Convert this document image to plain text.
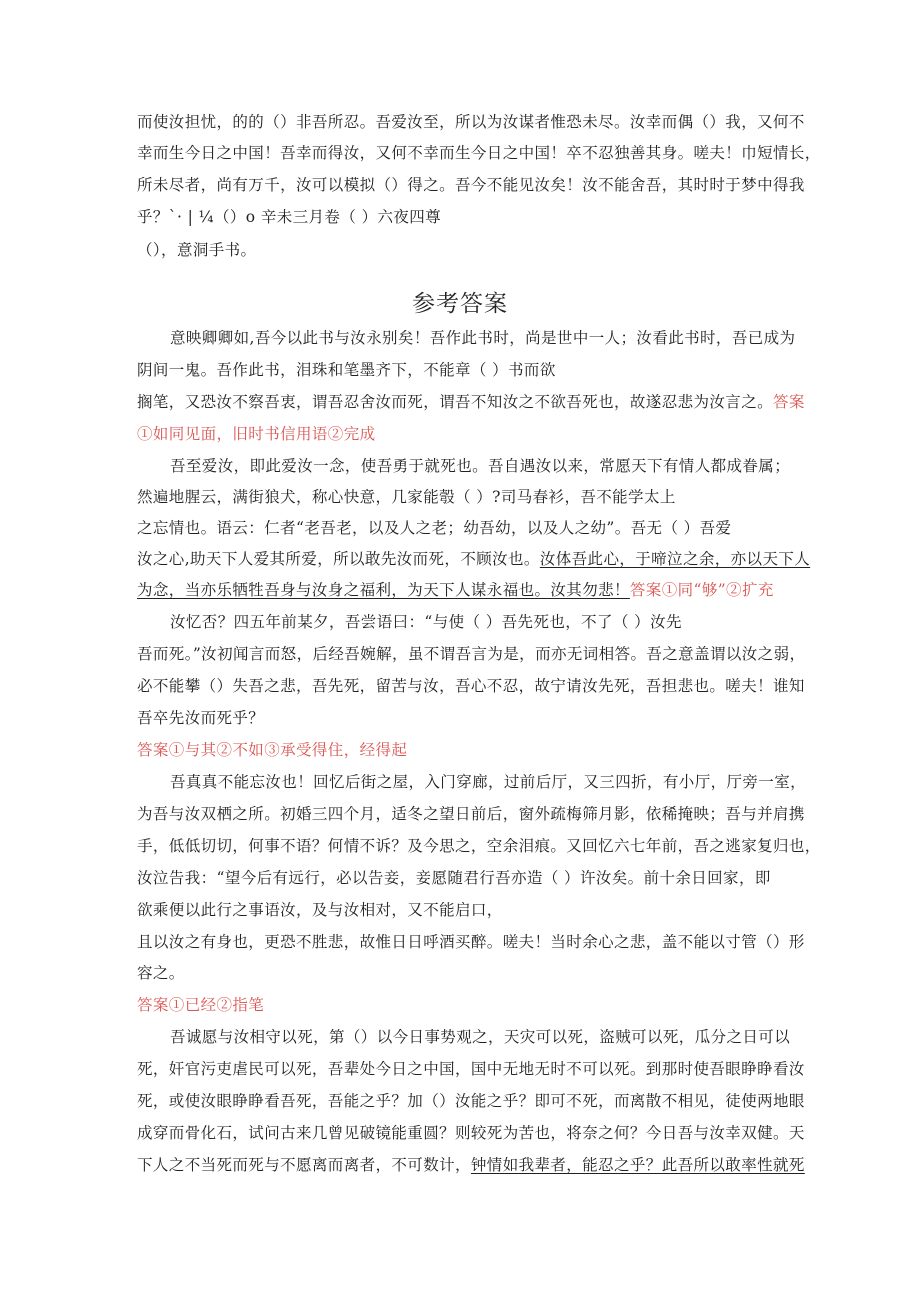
而使汝担忧，的的（）非吾所忍。吾爱汝至，所以为汝谋者惟恐未尽。汝幸而偶（）我，又何不
幸而生今日之中国！吾幸而得汝，又何不幸而生今日之中国！卒不忍独善其身。嗟夫！巾短情长，
所未尽者，尚有万千，汝可以模拟（）得之。吾今不能见汝矣！汝不能舍吾，其时时于梦中得我
乎？`· | ¼（）o 辛未三月卷（ ）六夜四尊
（），意洞手书。
参考答案
意映卿卿如,吾今以此书与汝永别矣！吾作此书时，尚是世中一人；汝看此书时，吾已成为
阴间一鬼。吾作此书，泪珠和笔墨齐下，不能章（ ）书而欲
搁笔，又恐汝不察吾衷，谓吾忍舍汝而死，谓吾不知汝之不欲吾死也，故遂忍悲为汝言之。答案
①如同见面，旧时书信用语②完成
吾至爱汝，即此爱汝一念，使吾勇于就死也。吾自遇汝以来，常愿天下有情人都成眷属；
然遍地腥云，满街狼犬，称心快意，几家能彀（ ）?司马春衫，吾不能学太上
之忘情也。语云：仁者“老吾老，以及人之老；幼吾幼，以及人之幼”。吾无（ ）吾爱
汝之心,助天下人爱其所爱，所以敢先汝而死，不顾汝也。汝体吾此心，于啼泣之余，亦以天下人
为念，当亦乐牺牲吾身与汝身之福利，为天下人谋永福也。汝其勿悲！答案①同“够”②扩充
汝忆否？四五年前某夕，吾尝语曰：“与使（ ）吾先死也，不了（ ）汝先
吾而死。”汝初闻言而怒，后经吾婉解，虽不谓吾言为是，而亦无词相答。吾之意盖谓以汝之弱，
必不能攀（）失吾之悲，吾先死，留苦与汝，吾心不忍，故宁请汝先死，吾担悲也。嗟夫！谁知
吾卒先汝而死乎？
答案①与其②不如③承受得住，经得起
吾真真不能忘汝也！回忆后街之屋，入门穿廊，过前后厅，又三四折，有小厅，厅旁一室，
为吾与汝双栖之所。初婚三四个月，适冬之望日前后，窗外疏梅筛月影，依稀掩映；吾与并肩携
手，低低切切，何事不语？何情不诉？及今思之，空余泪痕。又回忆六七年前，吾之逃家复归也，
汝泣告我：“望今后有远行，必以告妾，妾愿随君行吾亦造（ ）许汝矣。前十余日回家，即
欲乘便以此行之事语汝，及与汝相对，又不能启口，
且以汝之有身也，更恐不胜悲，故惟日日呼酒买醉。嗟夫！当时余心之悲，盖不能以寸管（）形
容之。
答案①已经②指笔
吾诚愿与汝相守以死，第（）以今日事势观之，天灾可以死，盗贼可以死，瓜分之日可以
死，奸官污吏虐民可以死，吾辈处今日之中国，国中无地无时不可以死。到那时使吾眼睁睁看汝
死，或使汝眼睁睁看吾死，吾能之乎？加（）汝能之乎？即可不死，而离散不相见，徒使两地眼
成穿而骨化石，试问古来几曾见破镜能重圆？则较死为苦也，将奈之何？今日吾与汝幸双健。天
下人之不当死而死与不愿离而离者，不可数计，钟情如我辈者，能忍之乎？此吾所以敢率性就死
